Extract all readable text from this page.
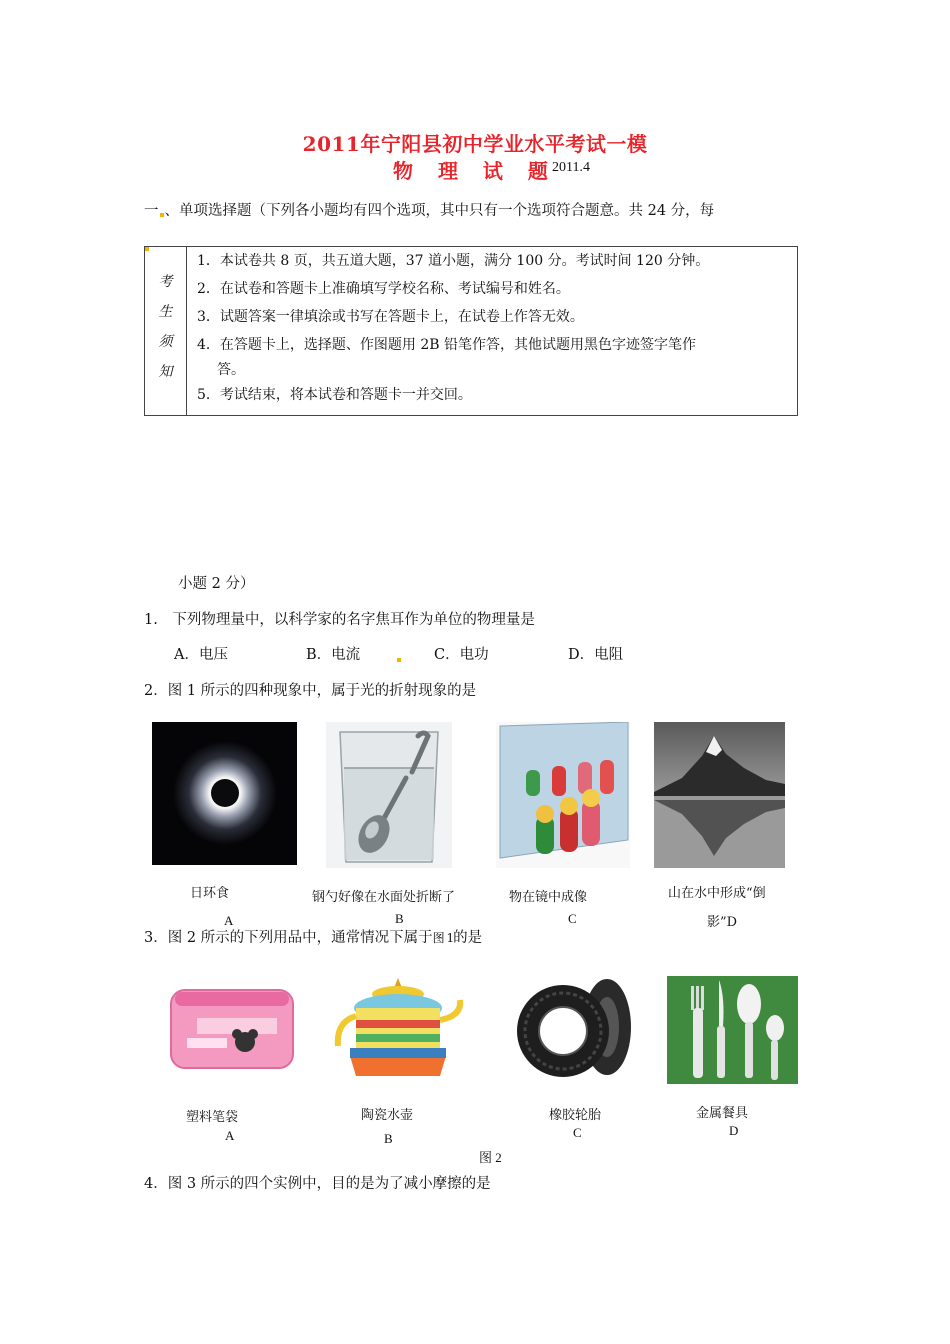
2011年宁阳县初中学业水平考试一模
物 理 试 题
2011.4
一 、单项选择题（下列各小题均有四个选项，其中只有一个选项符合题意。共 24 分，每
考
生
须
知

1．本试卷共 8 页，共五道大题，37 道小题，满分 100 分。考试时间 120 分钟。
2．在试卷和答题卡上准确填写学校名称、考试编号和姓名。
3．试题答案一律填涂或书写在答题卡上，在试卷上作答无效。
4．在答题卡上，选择题、作图题用 2B 铅笔作答，其他试题用黑色字迹签字笔作
答。
5．考试结束，将本试卷和答题卡一并交回。
小题 2 分）
1.　下列物理量中，以科学家的名字焦耳作为单位的物理量是
A．电压	B．电流	C．电功	D．电阻
2．图 1 所示的四种现象中，属于光的折射现象的是
日环食	钢勺好像在水面处折断了	物在镜中成像	山在水中形成“倒
影”D
A	B	C
3．图 2 所示的下列用品中，通常情况下属于图 1的是
塑料笔袋	陶瓷水壶	橡胶轮胎	金属餐具
A	B	C	D
图 2
4．图 3 所示的四个实例中，目的是为了减小摩擦的是
